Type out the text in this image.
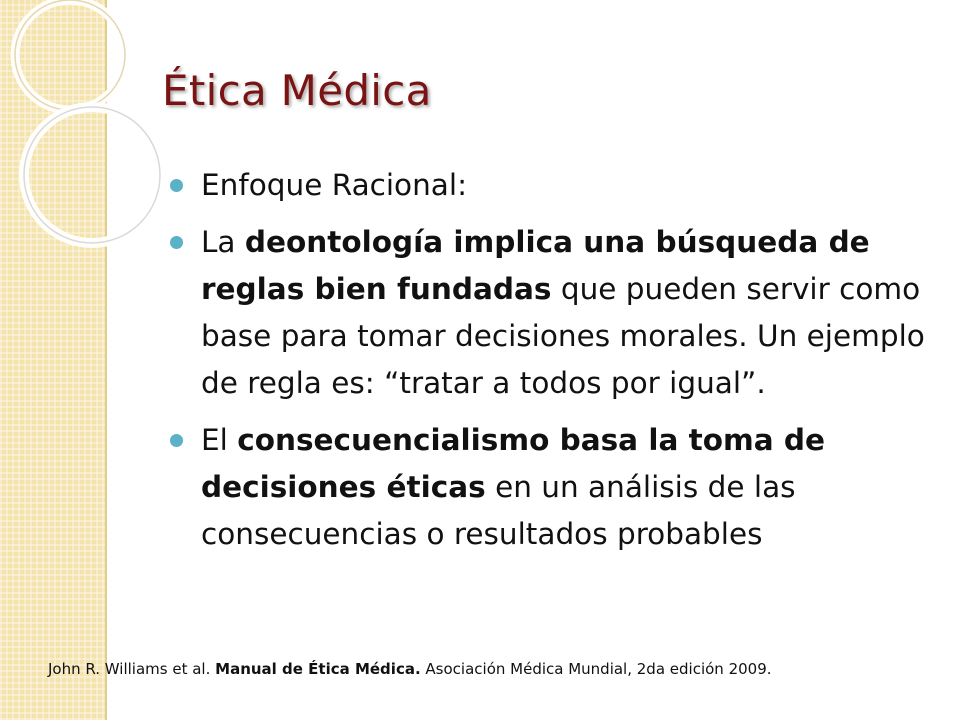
Ética Médica
Enfoque Racional:
La deontología implica una búsqueda de reglas bien fundadas que pueden servir como base para tomar decisiones morales. Un ejemplo de regla es: “tratar a todos por igual”.
El consecuencialismo basa la toma de decisiones éticas en un análisis de las consecuencias o resultados probables
John R. Williams et al. Manual de Ética Médica. Asociación Médica Mundial, 2da edición 2009.
